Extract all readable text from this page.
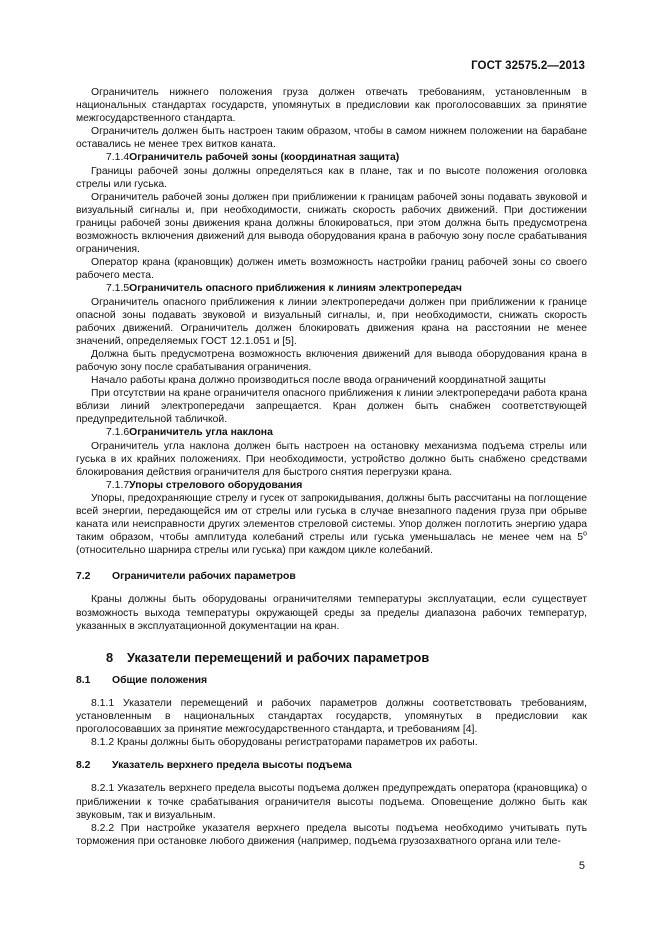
ГОСТ 32575.2—2013

Ограничитель нижнего положения груза должен отвечать требованиям, установленным в национальных стандартах государств, упомянутых в предисловии как проголосовавших за принятие межгосударственного стандарта.

Ограничитель должен быть настроен таким образом, чтобы в самом нижнем положении на барабане оставались не менее трех витков каната.

7.1.4Ограничитель рабочей зоны (координатная защита)

Границы рабочей зоны должны определяться как в плане, так и по высоте положения оголовка стрелы или гуська.

Ограничитель рабочей зоны должен при приближении к границам рабочей зоны подавать звуковой и визуальный сигналы и, при необходимости, снижать скорость рабочих движений. При достижении границы рабочей зоны движения крана должны блокироваться, при этом должна быть предусмотрена возможность включения движений для вывода оборудования крана в рабочую зону после срабатывания ограничения.

Оператор крана (крановщик) должен иметь возможность настройки границ рабочей зоны со своего рабочего места.

7.1.5Ограничитель опасного приближения к линиям электропередач

Ограничитель опасного приближения к линии электропередачи должен при приближении к границе опасной зоны подавать звуковой и визуальный сигналы, и, при необходимости, снижать скорость рабочих движений. Ограничитель должен блокировать движения крана на расстоянии не менее значений, определяемых ГОСТ 12.1.051 и [5].

Должна быть предусмотрена возможность включения движений для вывода оборудования крана в рабочую зону после срабатывания ограничения.

Начало работы крана должно производиться после ввода ограничений координатной защиты

При отсутствии на кране ограничителя опасного приближения к линии электропередачи работа крана вблизи линий электропередачи запрещается. Кран должен быть снабжен соответствующей предупредительной табличкой.

7.1.6Ограничитель угла наклона

Ограничитель угла наклона должен быть настроен на остановку механизма подъема стрелы или гуська в их крайних положениях. При необходимости, устройство должно быть снабжено средствами блокирования действия ограничителя для быстрого снятия перегрузки крана.

7.1.7Упоры стрелового оборудования

Упоры, предохраняющие стрелу и гусек от запрокидывания, должны быть рассчитаны на поглощение всей энергии, передающейся им от стрелы или гуська в случае внезапного падения груза при обрыве каната или неисправности других элементов стреловой системы. Упор должен поглотить энергию удара таким образом, чтобы амплитуда колебаний стрелы или гуська уменьшалась не менее чем на 5$^o$ (относительно шарнира стрелы или гуська) при каждом цикле колебаний.

7.2 Ограничители рабочих параметров

Краны должны быть оборудованы ограничителями температуры эксплуатации, если существует возможность выхода температуры окружающей среды за пределы диапазона рабочих температур, указанных в эксплуатационной документации на кран.

8 Указатели перемещений и рабочих параметров

8.1 Общие положения

8.1.1 Указатели перемещений и рабочих параметров должны соответствовать требованиям, установленным в национальных стандартах государств, упомянутых в предисловии как проголосовавших за принятие межгосударственного стандарта, и требованиям [4].

8.1.2 Краны должны быть оборудованы регистраторами параметров их работы.

8.2 Указатель верхнего предела высоты подъема

8.2.1 Указатель верхнего предела высоты подъема должен предупреждать оператора (крановщика) о приближении к точке срабатывания ограничителя высоты подъема. Оповещение должно быть как звуковым, так и визуальным.

8.2.2 При настройке указателя верхнего предела высоты подъема необходимо учитывать путь торможения при остановке любого движения (например, подъема грузозахватного органа или теле-

5
